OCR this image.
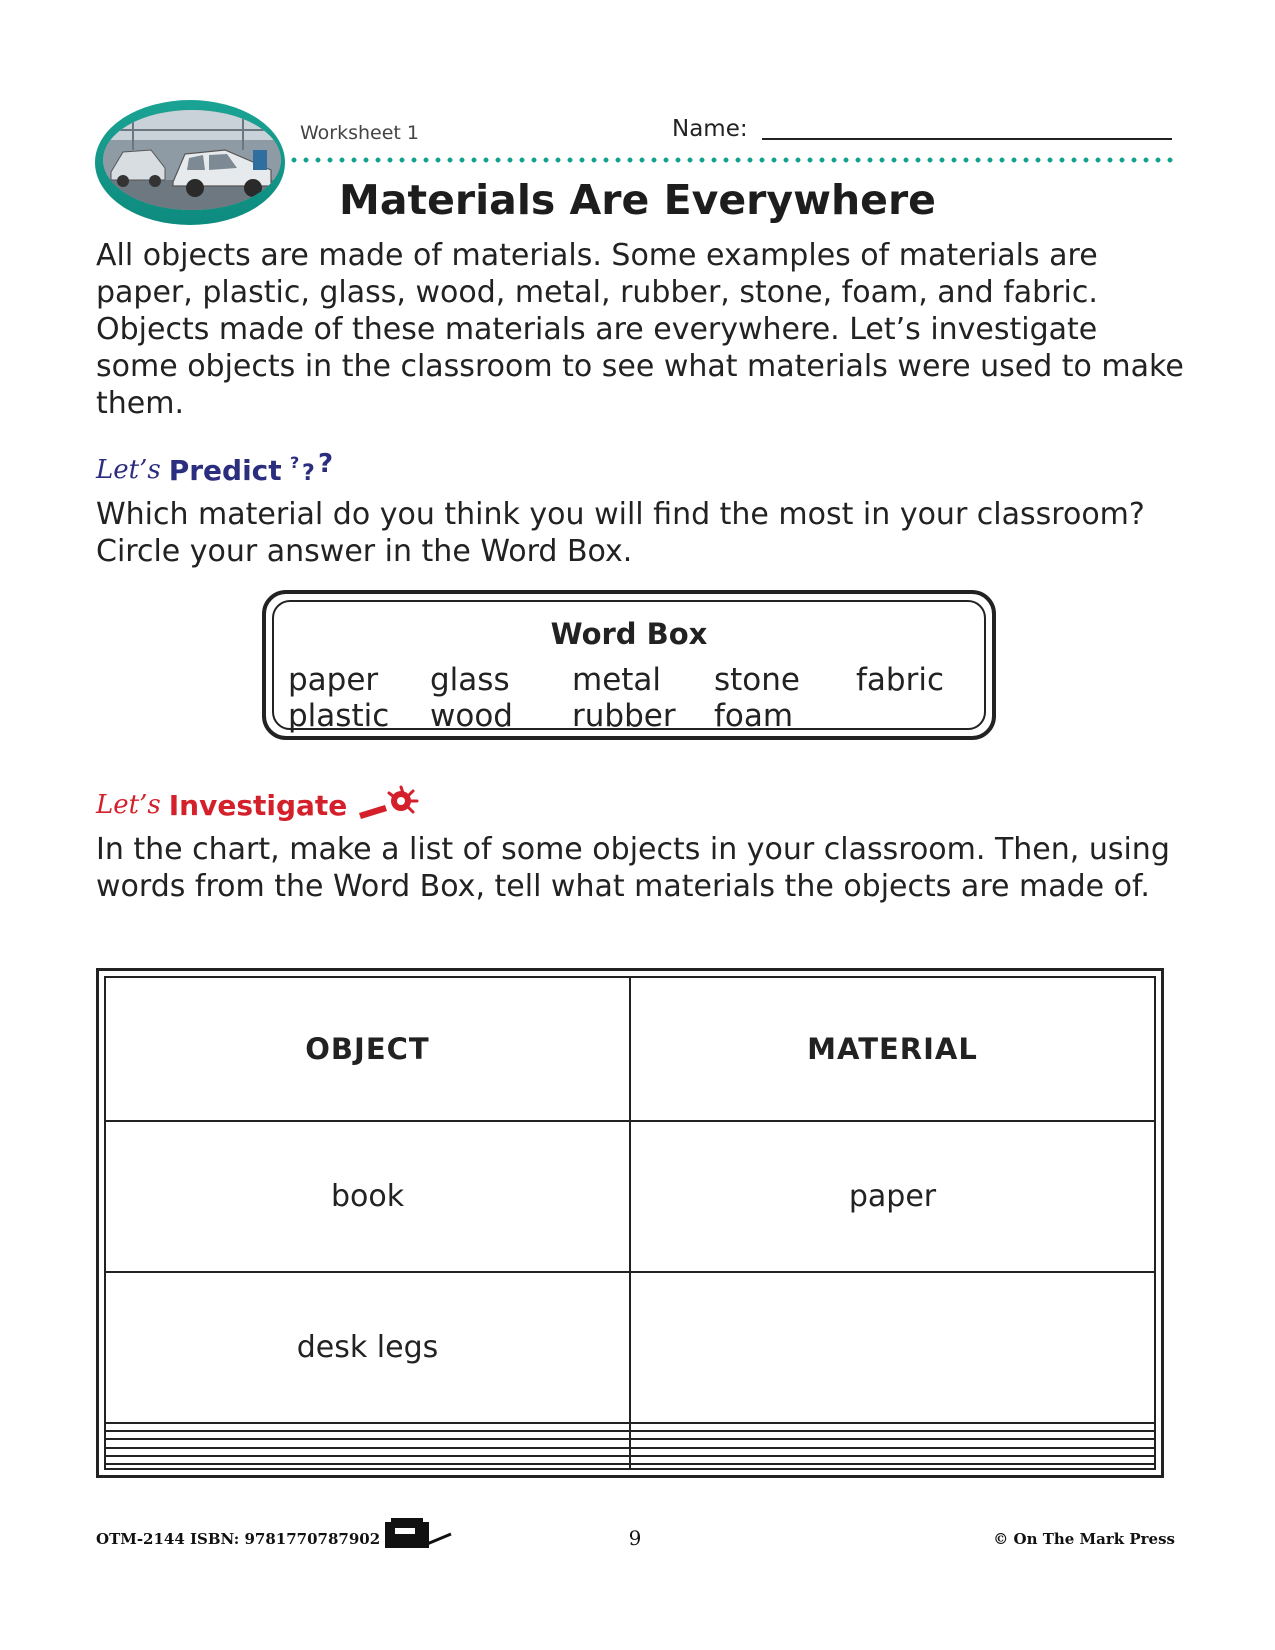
Worksheet 1	Name:
Materials Are Everywhere
All objects are made of materials. Some examples of materials are paper, plastic, glass, wood, metal, rubber, stone, foam, and fabric. Objects made of these materials are everywhere. Let’s investigate some objects in the classroom to see what materials were used to make them.
Let’s Predict ? ? ?
Which material do you think you will find the most in your classroom? Circle your answer in the Word Box.
Word Box
paper glass metal stone fabric
plastic wood rubber foam
Let’s Investigate
In the chart, make a list of some objects in your classroom. Then, using words from the Word Box, tell what materials the objects are made of.
OBJECT	MATERIAL
book	paper
desk legs	

OTM-2144 ISBN: 9781770787902	9	© On The Mark Press
